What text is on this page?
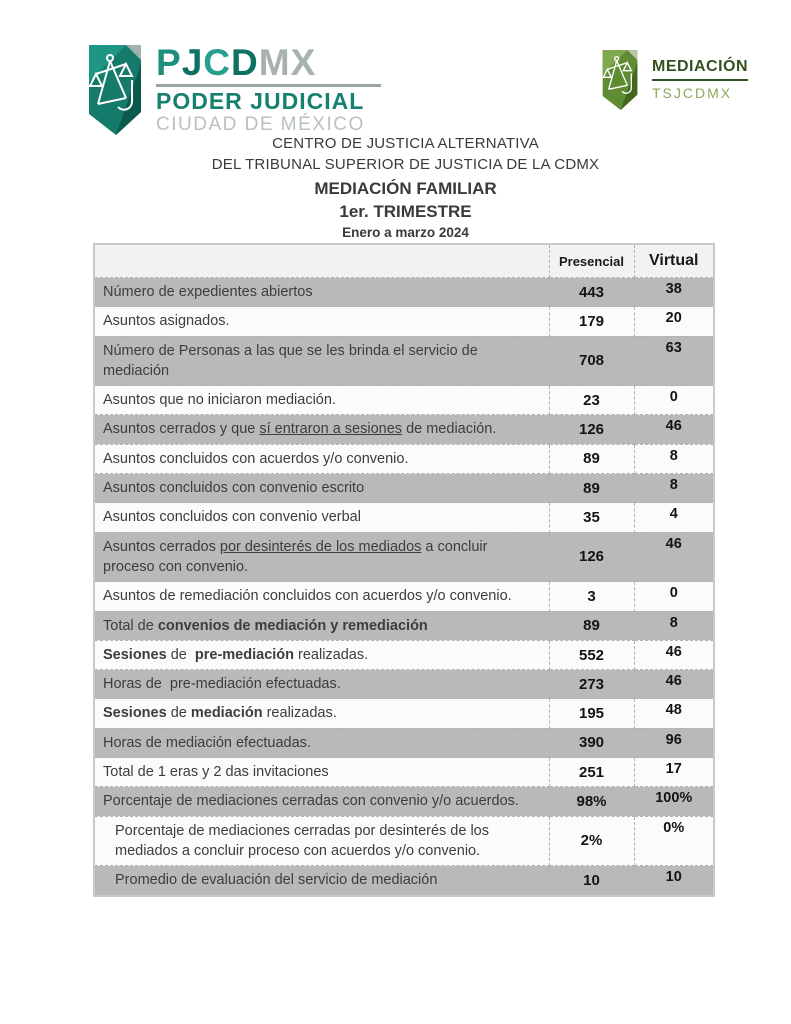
PJCDMX
PODER JUDICIAL
CIUDAD DE MÉXICO
MEDIACIÓN
TSJCDMX
CENTRO DE JUSTICIA ALTERNATIVA
DEL TRIBUNAL SUPERIOR DE JUSTICIA DE LA CDMX
MEDIACIÓN FAMILIAR
1er. TRIMESTRE
Enero a marzo 2024
	Presencial	Virtual
Número de expedientes abiertos	443	38
Asuntos asignados.	179	20
Número de Personas a las que se les brinda el servicio de mediación	708	63
Asuntos que no iniciaron mediación.	23	0
Asuntos cerrados y que sí entraron a sesiones de mediación.	126	46
Asuntos concluidos con acuerdos y/o convenio.	89	8
Asuntos concluidos con convenio escrito	89	8
Asuntos concluidos con convenio verbal	35	4
Asuntos cerrados por desinterés de los mediados a concluir proceso con convenio.	126	46
Asuntos de remediación concluidos con acuerdos y/o convenio.	3	0
Total de convenios de mediación y remediación	89	8
Sesiones de  pre-mediación realizadas.	552	46
Horas de  pre-mediación efectuadas.	273	46
Sesiones de mediación realizadas.	195	48
Horas de mediación efectuadas.	390	96
Total de 1 eras y 2 das invitaciones	251	17
Porcentaje de mediaciones cerradas con convenio y/o acuerdos.	98%	100%
Porcentaje de mediaciones cerradas por desinterés de los mediados a concluir proceso con acuerdos y/o convenio.	2%	0%
Promedio de evaluación del servicio de mediación	10	10
